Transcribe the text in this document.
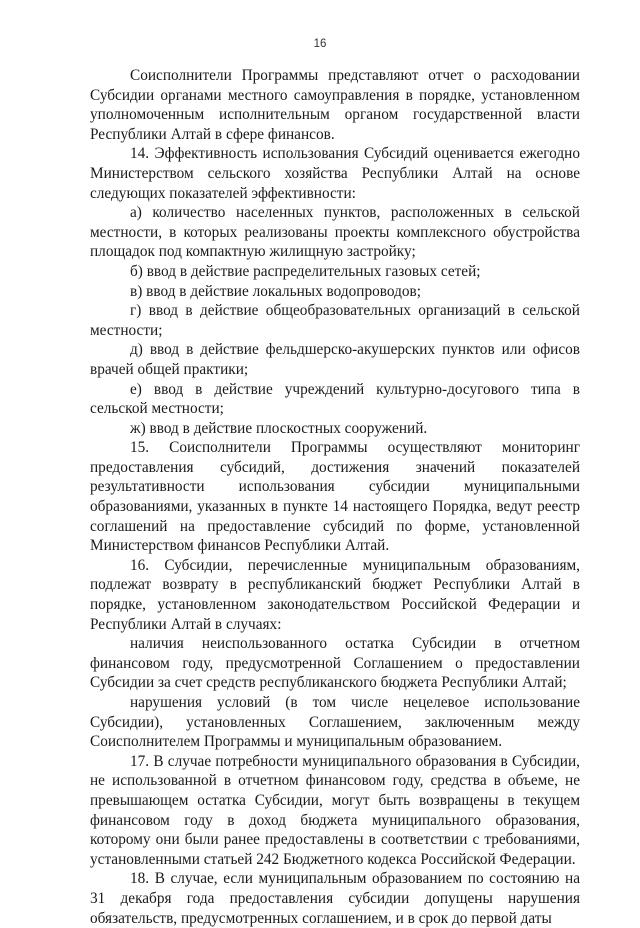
16

Соисполнители Программы представляют отчет о расходовании Субсидии органами местного самоуправления в порядке, установленном уполномоченным исполнительным органом государственной власти Республики Алтай в сфере финансов.

14. Эффективность использования Субсидий оценивается ежегодно Министерством сельского хозяйства Республики Алтай на основе следующих показателей эффективности:

а) количество населенных пунктов, расположенных в сельской местности, в которых реализованы проекты комплексного обустройства площадок под компактную жилищную застройку;

б) ввод в действие распределительных газовых сетей;

в) ввод в действие локальных водопроводов;

г) ввод в действие общеобразовательных организаций в сельской местности;

д) ввод в действие фельдшерско-акушерских пунктов или офисов врачей общей практики;

е) ввод в действие учреждений культурно-досугового типа в сельской местности;

ж) ввод в действие плоскостных сооружений.

15. Соисполнители Программы осуществляют мониторинг предоставления субсидий, достижения значений показателей результативности использования субсидии муниципальными образованиями, указанных в пункте 14 настоящего Порядка, ведут реестр соглашений на предоставление субсидий по форме, установленной Министерством финансов Республики Алтай.

16. Субсидии, перечисленные муниципальным образованиям, подлежат возврату в республиканский бюджет Республики Алтай в порядке, установленном законодательством Российской Федерации и Республики Алтай в случаях:

наличия неиспользованного остатка Субсидии в отчетном финансовом году, предусмотренной Соглашением о предоставлении Субсидии за счет средств республиканского бюджета Республики Алтай;

нарушения условий (в том числе нецелевое использование Субсидии), установленных Соглашением, заключенным между Соисполнителем Программы и муниципальным образованием.

17. В случае потребности муниципального образования в Субсидии, не использованной в отчетном финансовом году, средства в объеме, не превышающем остатка Субсидии, могут быть возвращены в текущем финансовом году в доход бюджета муниципального образования, которому они были ранее предоставлены в соответствии с требованиями, установленными статьей 242 Бюджетного кодекса Российской Федерации.

18. В случае, если муниципальным образованием по состоянию на 31 декабря года предоставления субсидии допущены нарушения обязательств, предусмотренных соглашением, и в срок до первой даты
